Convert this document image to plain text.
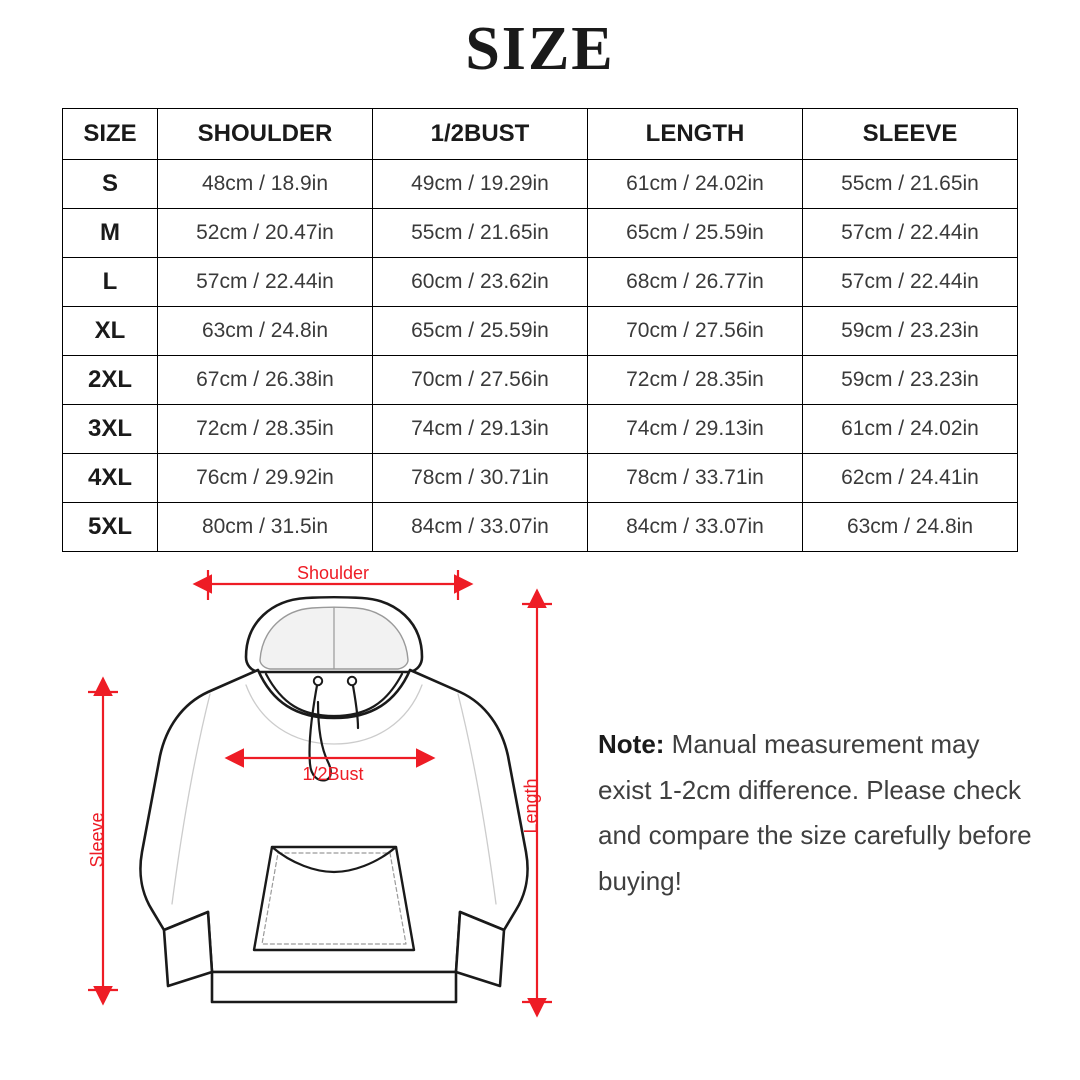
SIZE
SIZE	SHOULDER	1/2BUST	LENGTH	SLEEVE
S	48cm / 18.9in	49cm / 19.29in	61cm / 24.02in	55cm / 21.65in
M	52cm / 20.47in	55cm / 21.65in	65cm / 25.59in	57cm / 22.44in
L	57cm / 22.44in	60cm / 23.62in	68cm / 26.77in	57cm / 22.44in
XL	63cm / 24.8in	65cm / 25.59in	70cm / 27.56in	59cm / 23.23in
2XL	67cm / 26.38in	70cm / 27.56in	72cm / 28.35in	59cm / 23.23in
3XL	72cm / 28.35in	74cm / 29.13in	74cm / 29.13in	61cm / 24.02in
4XL	76cm / 29.92in	78cm / 30.71in	78cm / 33.71in	62cm / 24.41in
5XL	80cm / 31.5in	84cm / 33.07in	84cm / 33.07in	63cm / 24.8in
Shoulder
1/2Bust
Length
Sleeve
Note: Manual measurement may exist 1-2cm difference. Please check and compare the size carefully before buying!
